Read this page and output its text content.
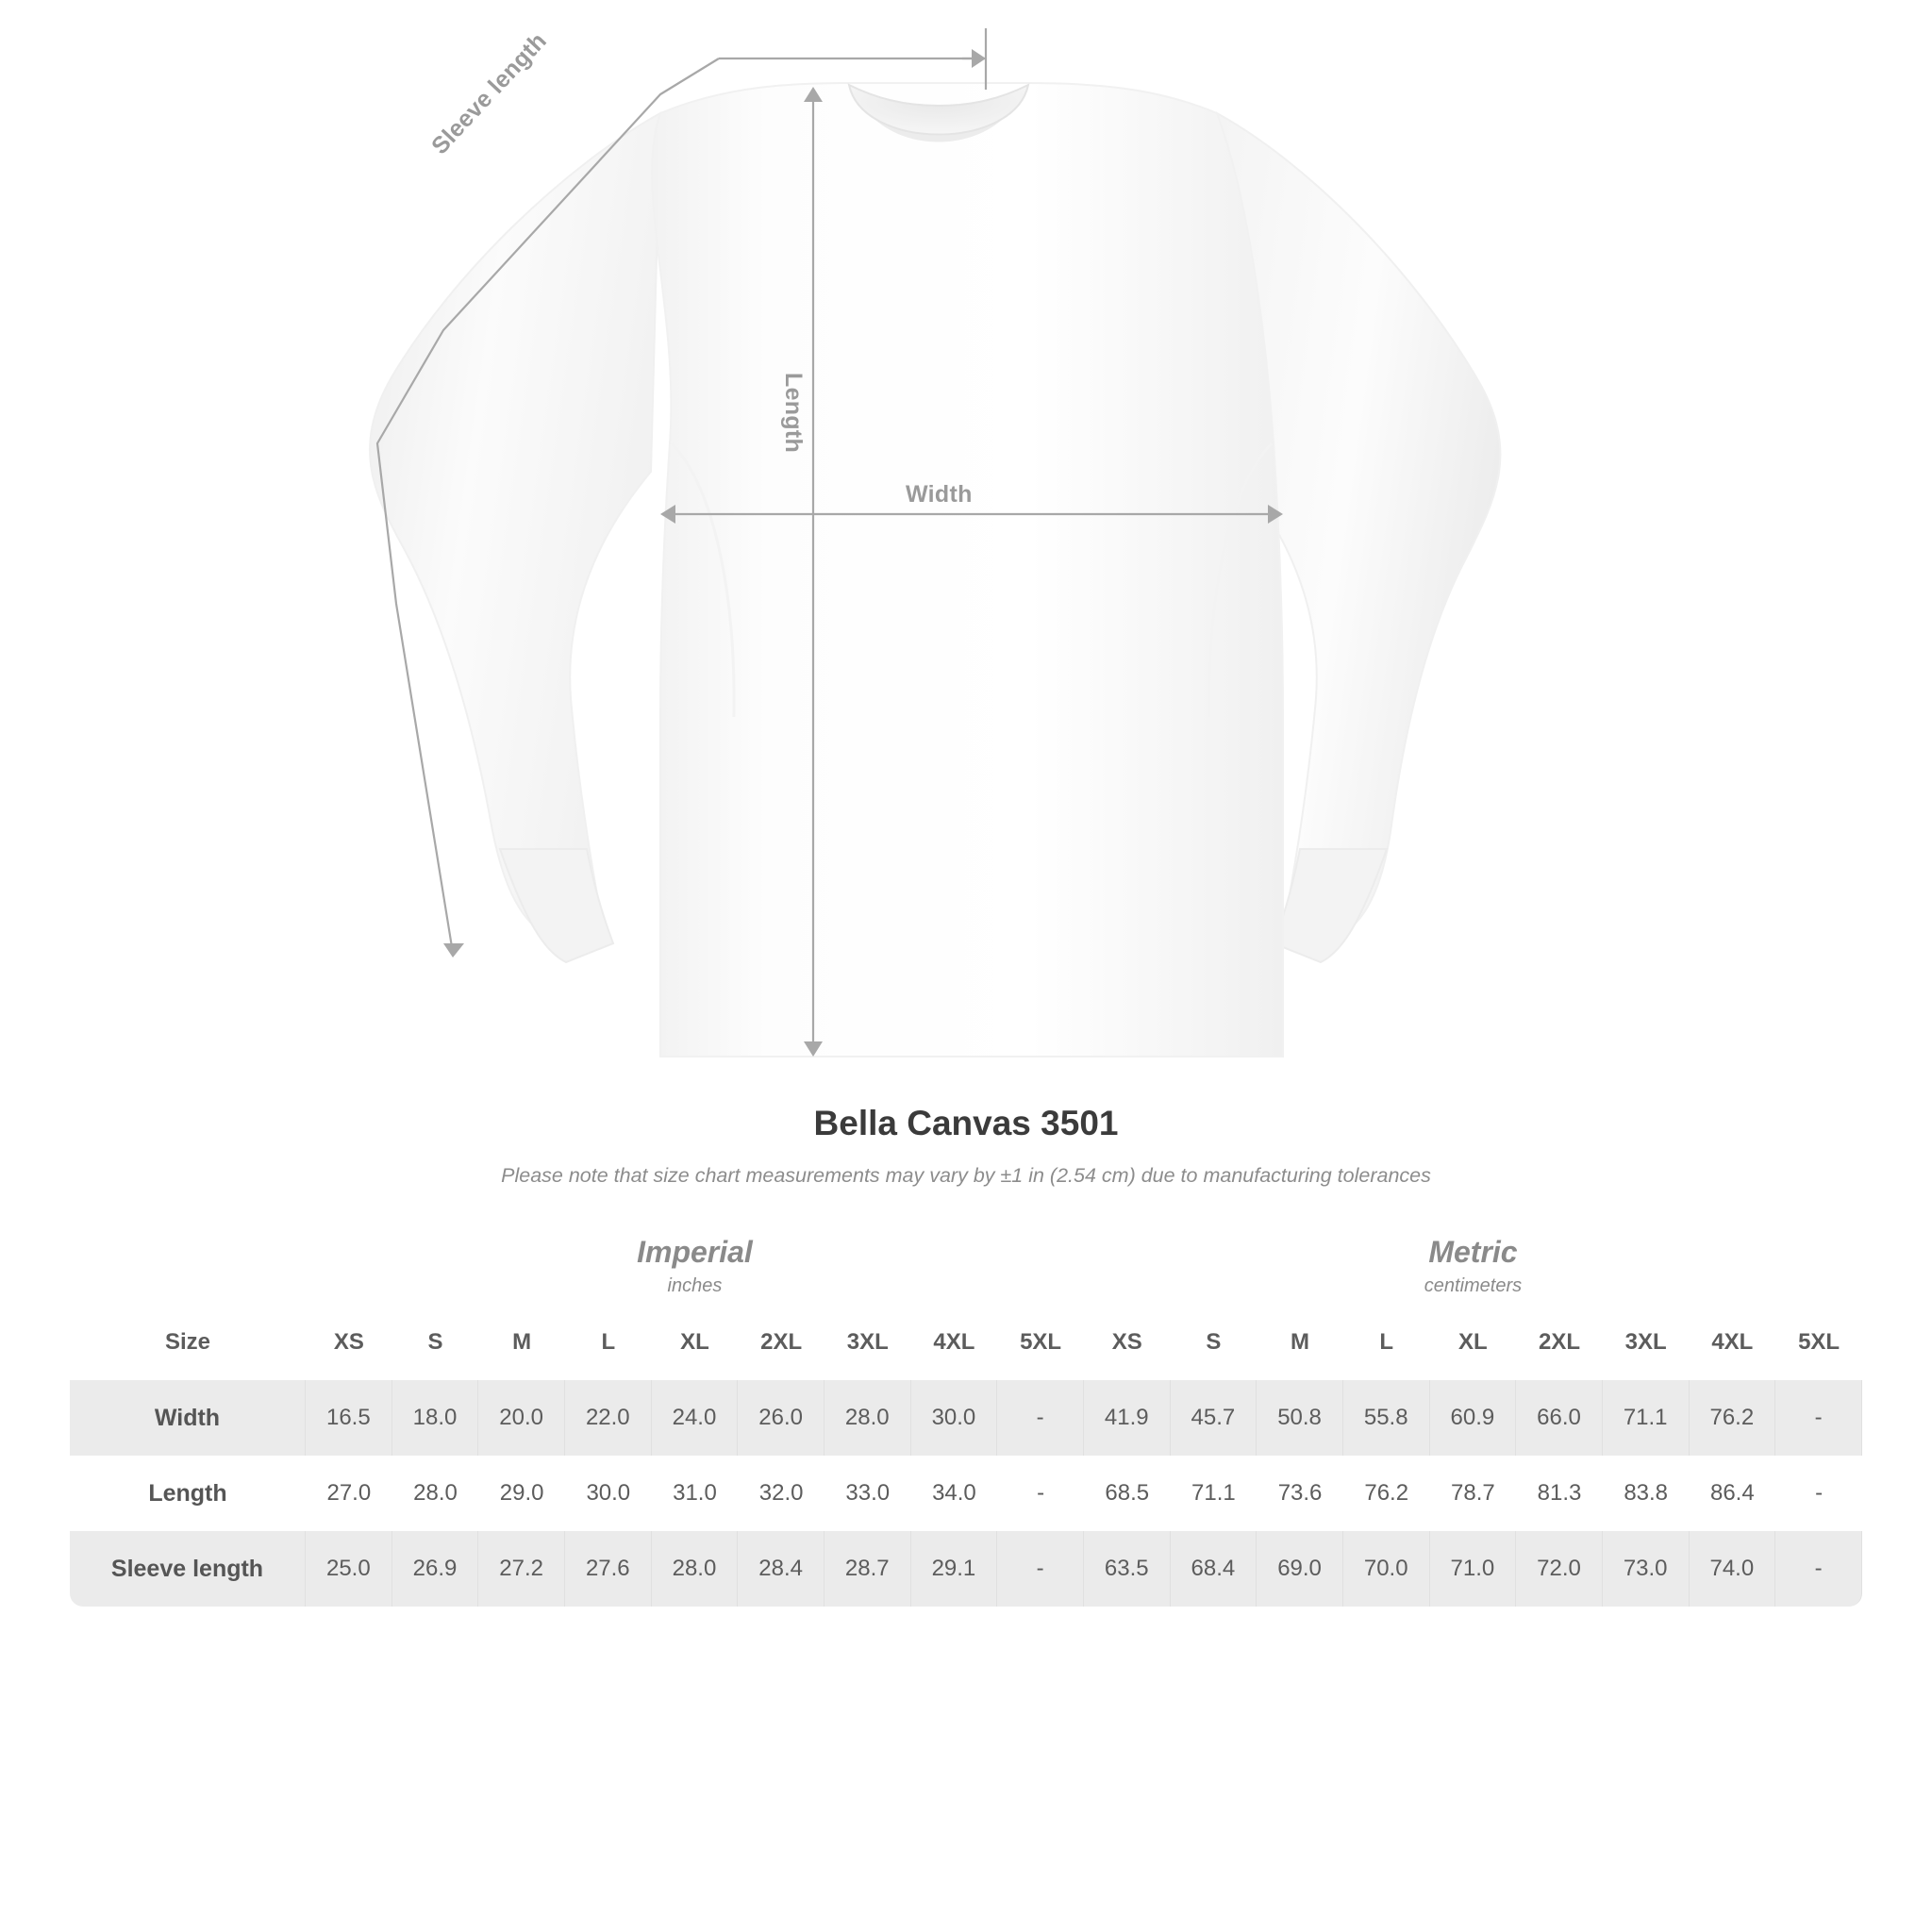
Sleeve length
Length
Width
Bella Canvas 3501
Please note that size chart measurements may vary by ±1 in (2.54 cm) due to manufacturing tolerances

Imperial
inches

Metric
centimeters

Size	XS	S	M	L	XL	2XL	3XL	4XL	5XL	XS	S	M	L	XL	2XL	3XL	4XL	5XL
Width	16.5	18.0	20.0	22.0	24.0	26.0	28.0	30.0	-	41.9	45.7	50.8	55.8	60.9	66.0	71.1	76.2	-
Length	27.0	28.0	29.0	30.0	31.0	32.0	33.0	34.0	-	68.5	71.1	73.6	76.2	78.7	81.3	83.8	86.4	-
Sleeve length	25.0	26.9	27.2	27.6	28.0	28.4	28.7	29.1	-	63.5	68.4	69.0	70.0	71.0	72.0	73.0	74.0	-
